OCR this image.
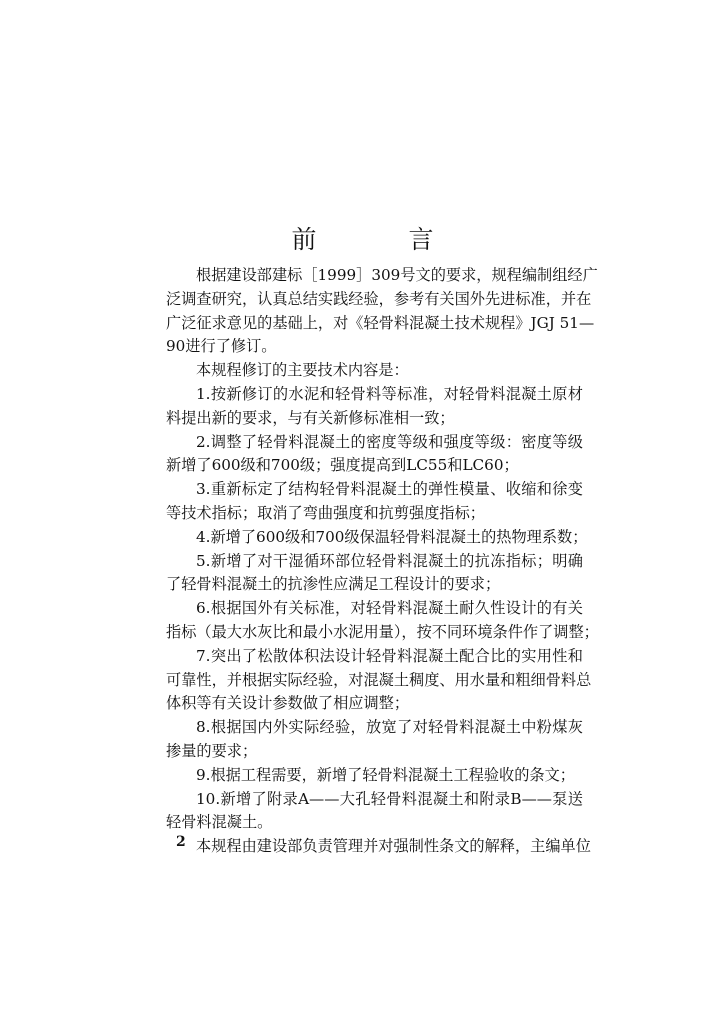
前 言
根据建设部建标［1999］309号文的要求，规程编制组经广
泛调查研究，认真总结实践经验，参考有关国外先进标准，并在
广泛征求意见的基础上，对《轻骨料混凝土技术规程》JGJ 51—
90进行了修订。
本规程修订的主要技术内容是：
1.按新修订的水泥和轻骨料等标准，对轻骨料混凝土原材
料提出新的要求，与有关新修标准相一致；
2.调整了轻骨料混凝土的密度等级和强度等级：密度等级
新增了600级和700级；强度提高到LC55和LC60；
3.重新标定了结构轻骨料混凝土的弹性模量、收缩和徐变
等技术指标；取消了弯曲强度和抗剪强度指标；
4.新增了600级和700级保温轻骨料混凝土的热物理系数；
5.新增了对干湿循环部位轻骨料混凝土的抗冻指标；明确
了轻骨料混凝土的抗渗性应满足工程设计的要求；
6.根据国外有关标准，对轻骨料混凝土耐久性设计的有关
指标（最大水灰比和最小水泥用量），按不同环境条件作了调整；
7.突出了松散体积法设计轻骨料混凝土配合比的实用性和
可靠性，并根据实际经验，对混凝土稠度、用水量和粗细骨料总
体积等有关设计参数做了相应调整；
8.根据国内外实际经验，放宽了对轻骨料混凝土中粉煤灰
掺量的要求；
9.根据工程需要，新增了轻骨料混凝土工程验收的条文；
10.新增了附录A——大孔轻骨料混凝土和附录B——泵送
轻骨料混凝土。
本规程由建设部负责管理并对强制性条文的解释，主编单位
2
